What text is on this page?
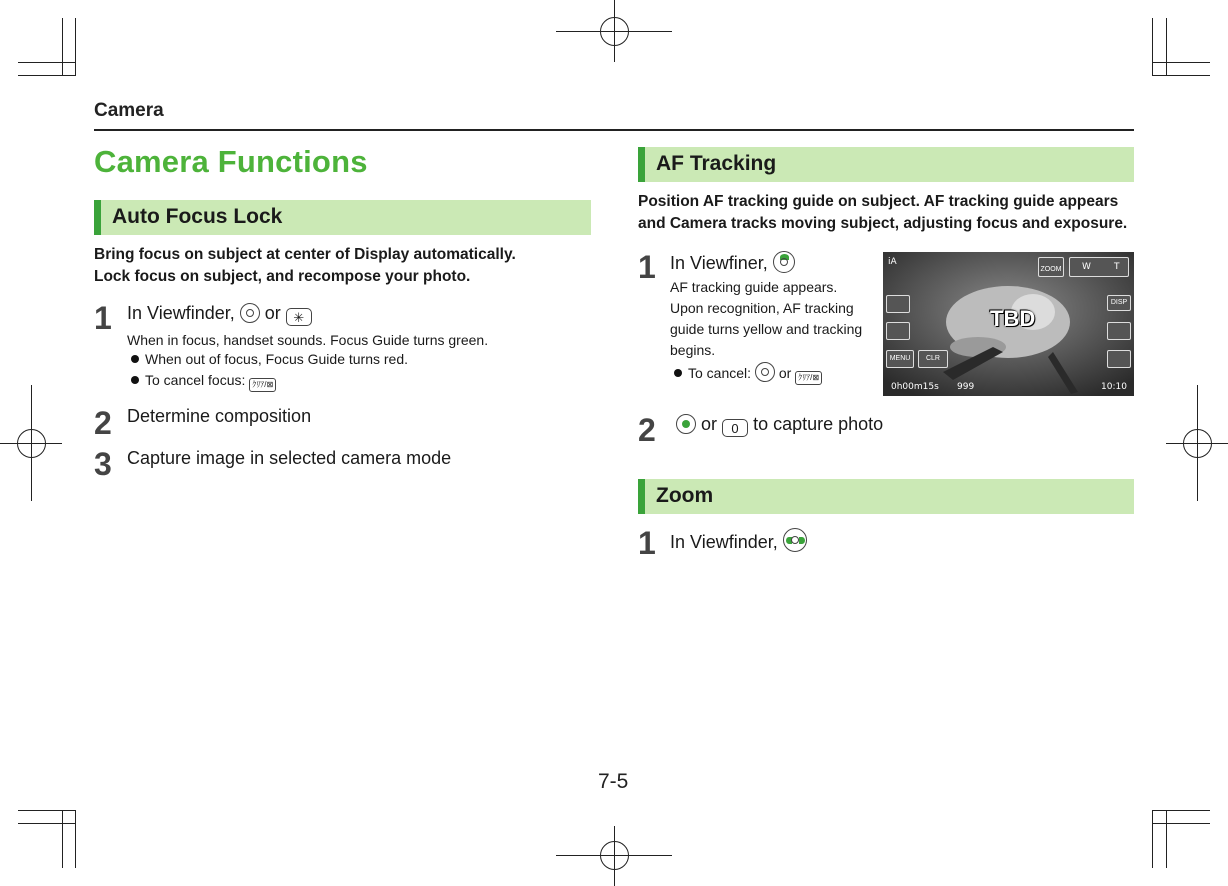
Camera
Camera Functions
Auto Focus Lock
Bring focus on subject at center of Display automatically.
Lock focus on subject, and recompose your photo.
1 In Viewfinder, or ✳
When in focus, handset sounds. Focus Guide turns green.
When out of focus, Focus Guide turns red.
To cancel focus: ｸﾘｱ/⊠
2 Determine composition
3 Capture image in selected camera mode
AF Tracking
Position AF tracking guide on subject. AF tracking guide appears
and Camera tracks moving subject, adjusting focus and exposure.
1 In Viewfiner,
AF tracking guide appears.
Upon recognition, AF tracking
guide turns yellow and tracking
begins.
To cancel: or ｸﾘｱ/⊠
iA
ZOOM W	T
MENU	CLR
DISP
TBD
0h00m15s 999	10:10
2	or 0 to capture photo
Zoom
1 In Viewfinder,
7-5
